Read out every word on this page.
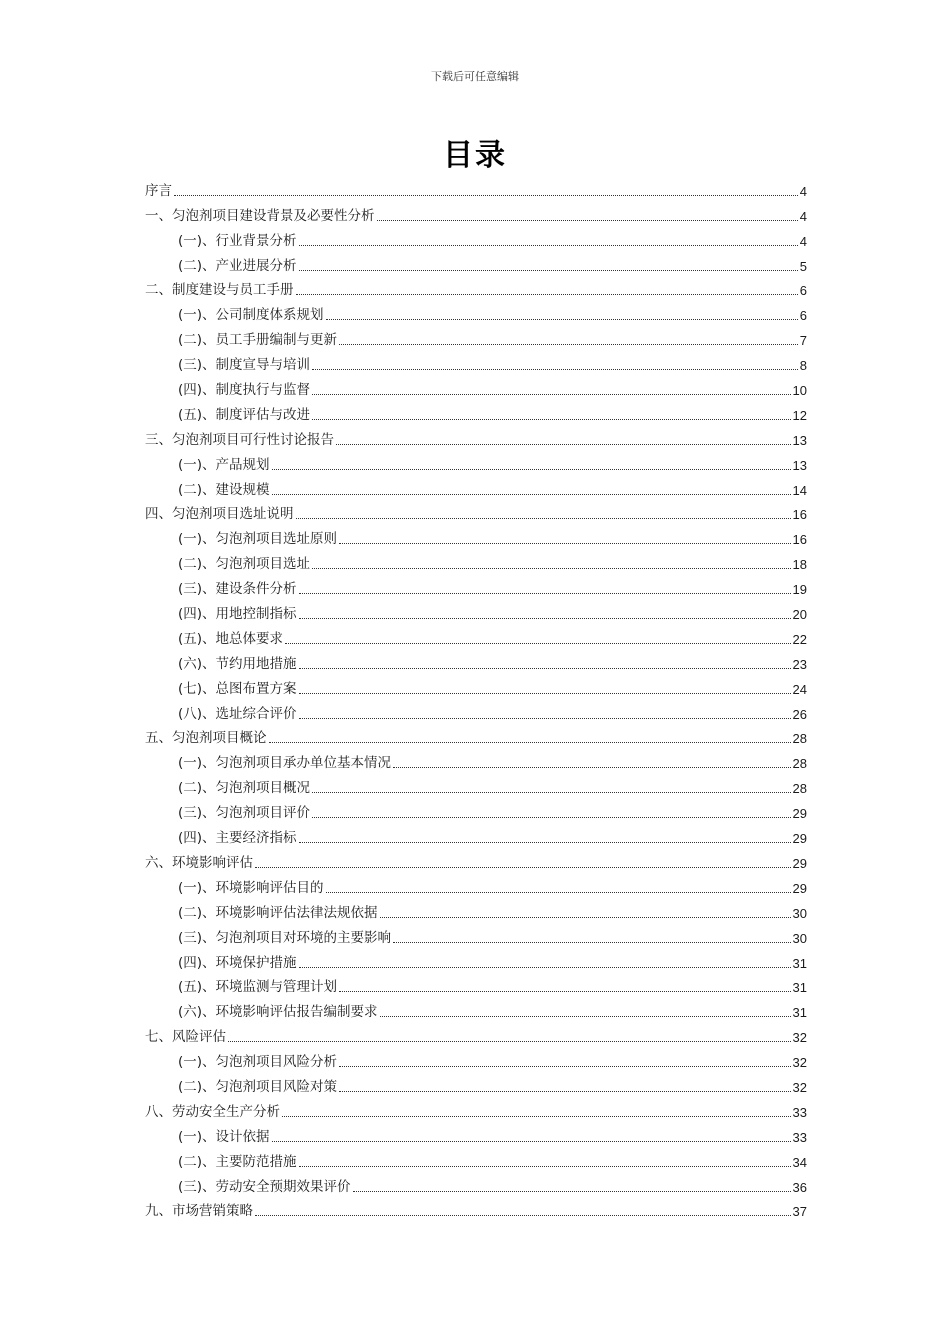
下载后可任意编辑
目录
序言	4
一、匀泡剂项目建设背景及必要性分析	4
(一)、行业背景分析	4
(二)、产业进展分析	5
二、制度建设与员工手册	6
(一)、公司制度体系规划	6
(二)、员工手册编制与更新	7
(三)、制度宣导与培训	8
(四)、制度执行与监督	10
(五)、制度评估与改进	12
三、匀泡剂项目可行性讨论报告	13
(一)、产品规划	13
(二)、建设规模	14
四、匀泡剂项目选址说明	16
(一)、匀泡剂项目选址原则	16
(二)、匀泡剂项目选址	18
(三)、建设条件分析	19
(四)、用地控制指标	20
(五)、地总体要求	22
(六)、节约用地措施	23
(七)、总图布置方案	24
(八)、选址综合评价	26
五、匀泡剂项目概论	28
(一)、匀泡剂项目承办单位基本情况	28
(二)、匀泡剂项目概况	28
(三)、匀泡剂项目评价	29
(四)、主要经济指标	29
六、环境影响评估	29
(一)、环境影响评估目的	29
(二)、环境影响评估法律法规依据	30
(三)、匀泡剂项目对环境的主要影响	30
(四)、环境保护措施	31
(五)、环境监测与管理计划	31
(六)、环境影响评估报告编制要求	31
七、风险评估	32
(一)、匀泡剂项目风险分析	32
(二)、匀泡剂项目风险对策	32
八、劳动安全生产分析	33
(一)、设计依据	33
(二)、主要防范措施	34
(三)、劳动安全预期效果评价	36
九、市场营销策略	37
